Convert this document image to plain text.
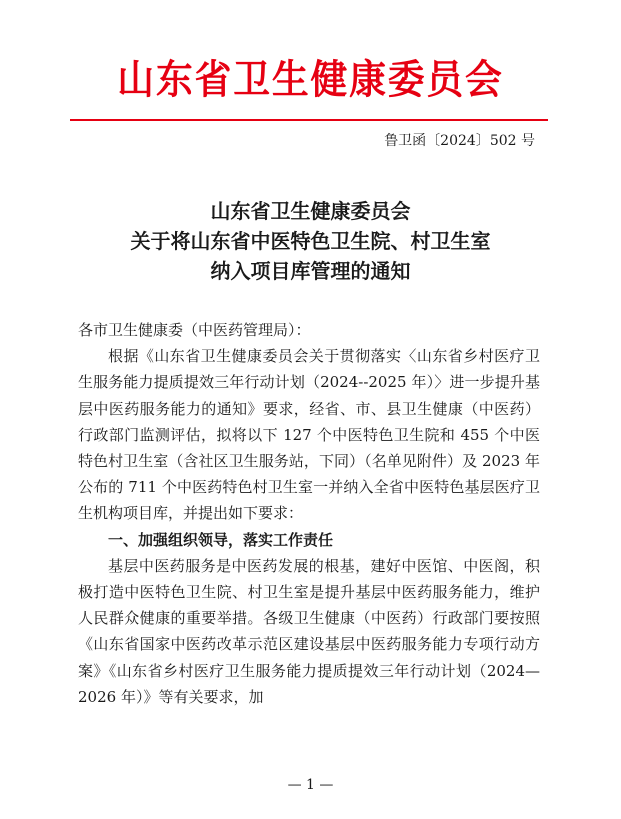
山东省卫生健康委员会
鲁卫函〔2024〕502 号
山东省卫生健康委员会
关于将山东省中医特色卫生院、村卫生室
纳入项目库管理的通知

各市卫生健康委（中医药管理局）：

根据《山东省卫生健康委员会关于贯彻落实〈山东省乡村医疗卫生服务能力提质提效三年行动计划（2024--2025 年）〉进一步提升基层中医药服务能力的通知》要求，经省、市、县卫生健康（中医药）行政部门监测评估，拟将以下 127 个中医特色卫生院和 455 个中医特色村卫生室（含社区卫生服务站，下同）（名单见附件）及 2023 年公布的 711 个中医药特色村卫生室一并纳入全省中医特色基层医疗卫生机构项目库，并提出如下要求：

一、加强组织领导，落实工作责任

基层中医药服务是中医药发展的根基，建好中医馆、中医阁，积极打造中医特色卫生院、村卫生室是提升基层中医药服务能力，维护人民群众健康的重要举措。各级卫生健康（中医药）行政部门要按照《山东省国家中医药改革示范区建设基层中医药服务能力专项行动方案》《山东省乡村医疗卫生服务能力提质提效三年行动计划（2024—2026 年）》等有关要求，加

— 1 —
